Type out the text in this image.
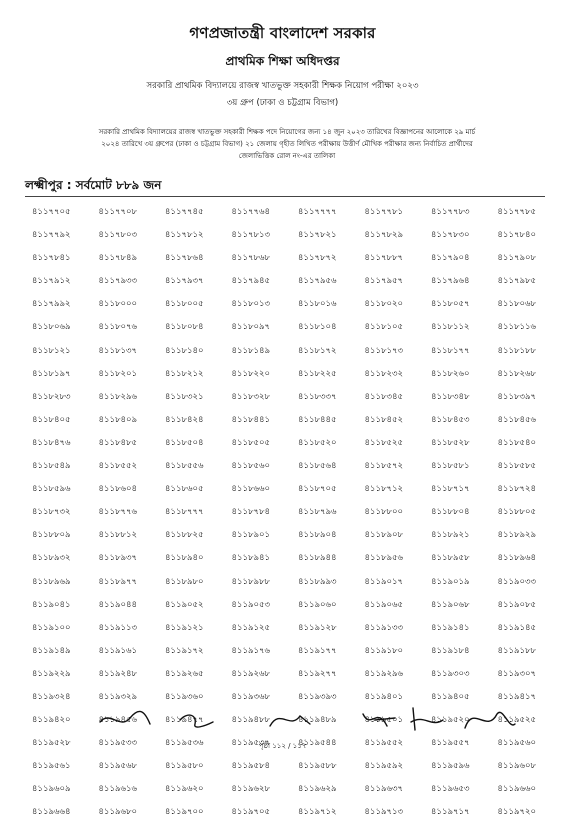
গণপ্রজাতন্ত্রী বাংলাদেশ সরকার
প্রাথমিক শিক্ষা অধিদপ্তর
সরকারি প্রাথমিক বিদ্যালয়ে রাজস্ব খাতভুক্ত সহকারী শিক্ষক নিয়োগ পরীক্ষা ২০২৩
৩য় গ্রুপ (ঢাকা ও চট্টগ্রাম বিভাগ)
সরকারি প্রাথমিক বিদ্যালয়ের রাজস্ব খাতভুক্ত সহকারী শিক্ষক পদে নিয়োগের জন্য ১৪ জুন ২০২৩ তারিখের বিজ্ঞাপনের আলোকে ২৯ মার্চ
২০২৪ তারিখে ৩য় গ্রুপের (ঢাকা ও চট্টগ্রাম বিভাগ) ২১ জেলায় গৃহীত লিখিত পরীক্ষায় উত্তীর্ণ মৌখিক পরীক্ষার জন্য নির্বাচিত প্রার্থীদের
জেলাভিত্তিক রোল নং-এর তালিকা
লক্ষ্মীপুর : সর্বমোট ৮৮৯ জন
৪১১৭৭০৫	৪১১৭৭০৮	৪১১৭৭৪৫	৪১১৭৭৬৪	৪১১৭৭৭৭	৪১১৭৭৮১	৪১১৭৭৮৩	৪১১৭৭৮৫
৪১১৭৭৯২	৪১১৭৮০৩	৪১১৭৮১২	৪১১৭৮১৩	৪১১৭৮২১	৪১১৭৮২৯	৪১১৭৮৩০	৪১১৭৮৪০
৪১১৭৮৪১	৪১১৭৮৪৯	৪১১৭৮৬৪	৪১১৭৮৬৮	৪১১৭৮৭২	৪১১৭৮৮৭	৪১১৭৯০৪	৪১১৭৯০৮
৪১১৭৯১২	৪১১৭৯৩৩	৪১১৭৯৩৭	৪১১৭৯৪৫	৪১১৭৯৫৬	৪১১৭৯৫৭	৪১১৭৯৬৪	৪১১৭৯৮৫
৪১১৭৯৯২	৪১১৮০০০	৪১১৮০০৫	৪১১৮০১৩	৪১১৮০১৬	৪১১৮০২০	৪১১৮০৫৭	৪১১৮০৬৮
৪১১৮০৬৯	৪১১৮০৭৬	৪১১৮০৮৪	৪১১৮০৯৭	৪১১৮১০৪	৪১১৮১০৫	৪১১৮১১২	৪১১৮১১৬
৪১১৮১২১	৪১১৮১৩৭	৪১১৮১৪০	৪১১৮১৪৯	৪১১৮১৭২	৪১১৮১৭৩	৪১১৮১৭৭	৪১১৮১৮৮
৪১১৮১৯৭	৪১১৮২০১	৪১১৮২১২	৪১১৮২২০	৪১১৮২২৫	৪১১৮২৩২	৪১১৮২৬০	৪১১৮২৬৮
৪১১৮২৮৩	৪১১৮২৯৬	৪১১৮৩২১	৪১১৮৩২৮	৪১১৮৩৩৭	৪১১৮৩৪৫	৪১১৮৩৪৮	৪১১৮৩৯৭
৪১১৮৪০৫	৪১১৮৪০৯	৪১১৮৪২৪	৪১১৮৪৪১	৪১১৮৪৪৫	৪১১৮৪৫২	৪১১৮৪৫৩	৪১১৮৪৫৬
৪১১৮৪৭৬	৪১১৮৪৮৫	৪১১৮৫০৪	৪১১৮৫০৫	৪১১৮৫২০	৪১১৮৫২৫	৪১১৮৫২৮	৪১১৮৫৪০
৪১১৮৫৪৯	৪১১৮৫৫২	৪১১৮৫৫৬	৪১১৮৫৬০	৪১১৮৫৬৪	৪১১৮৫৭২	৪১১৮৫৮১	৪১১৮৫৮৫
৪১১৮৫৯৬	৪১১৮৬০৪	৪১১৮৬০৫	৪১১৮৬৬০	৪১১৮৭০৫	৪১১৮৭১২	৪১১৮৭১৭	৪১১৮৭২৪
৪১১৮৭৩২	৪১১৮৭৭৬	৪১১৮৭৭৭	৪১১৮৭৮৪	৪১১৮৭৯৬	৪১১৮৮০০	৪১১৮৮০৪	৪১১৮৮০৫
৪১১৮৮০৯	৪১১৮৮১২	৪১১৮৮২৫	৪১১৮৯০১	৪১১৮৯০৪	৪১১৮৯০৮	৪১১৮৯২১	৪১১৮৯২৯
৪১১৮৯৩২	৪১১৮৯৩৭	৪১১৮৯৪০	৪১১৮৯৪১	৪১১৮৯৪৪	৪১১৮৯৫৬	৪১১৮৯৫৮	৪১১৮৯৬৪
৪১১৮৯৬৯	৪১১৮৯৭৭	৪১১৮৯৮০	৪১১৮৯৮৮	৪১১৮৯৯৩	৪১১৯০১৭	৪১১৯০১৯	৪১১৯০৩৩
৪১১৯০৪১	৪১১৯০৪৪	৪১১৯০৫২	৪১১৯০৫৩	৪১১৯০৬০	৪১১৯০৬৫	৪১১৯০৬৮	৪১১৯০৮৫
৪১১৯১০০	৪১১৯১১৩	৪১১৯১২১	৪১১৯১২৫	৪১১৯১২৮	৪১১৯১৩৩	৪১১৯১৪১	৪১১৯১৪৫
৪১১৯১৪৯	৪১১৯১৬১	৪১১৯১৭২	৪১১৯১৭৬	৪১১৯১৭৭	৪১১৯১৮০	৪১১৯১৮৪	৪১১৯১৮৮
৪১১৯২২৯	৪১১৯২৪৮	৪১১৯২৬৫	৪১১৯২৬৮	৪১১৯২৭৭	৪১১৯২৯৬	৪১১৯৩০৩	৪১১৯৩০৭
৪১১৯৩২৪	৪১১৯৩২৯	৪১১৯৩৬০	৪১১৯৩৬৮	৪১১৯৩৯৩	৪১১৯৪০১	৪১১৯৪০৫	৪১১৯৪১৭
৪১১৯৪২০	৪১১৯৪৫৬	৪১১৯৪৭৭	৪১১৯৪৮৮	৪১১৯৪৮৯	৪১১৯৫০১	৪১১৯৫২০	৪১১৯৫২৫
৪১১৯৫২৮	৪১১৯৫৩৩	৪১১৯৫৩৬	৪১১৯৫৩৭	৪১১৯৫৪৪	৪১১৯৫৫২	৪১১৯৫৫৭	৪১১৯৫৬০
৪১১৯৫৬১	৪১১৯৫৬৮	৪১১৯৫৮০	৪১১৯৫৮৪	৪১১৯৫৮৮	৪১১৯৫৯২	৪১১৯৫৯৬	৪১১৯৬০৮
৪১১৯৬০৯	৪১১৯৬১৬	৪১১৯৬২০	৪১১৯৬২৮	৪১১৯৬২৯	৪১১৯৬৩৭	৪১১৯৬৫৩	৪১১৯৬৬০
৪১১৯৬৬৪	৪১১৯৬৮০	৪১১৯৭০০	৪১১৯৭০৫	৪১১৯৭১২	৪১১৯৭১৩	৪১১৯৭১৭	৪১১৯৭২০
পৃষ্ঠা ১১২ / ১১৭
